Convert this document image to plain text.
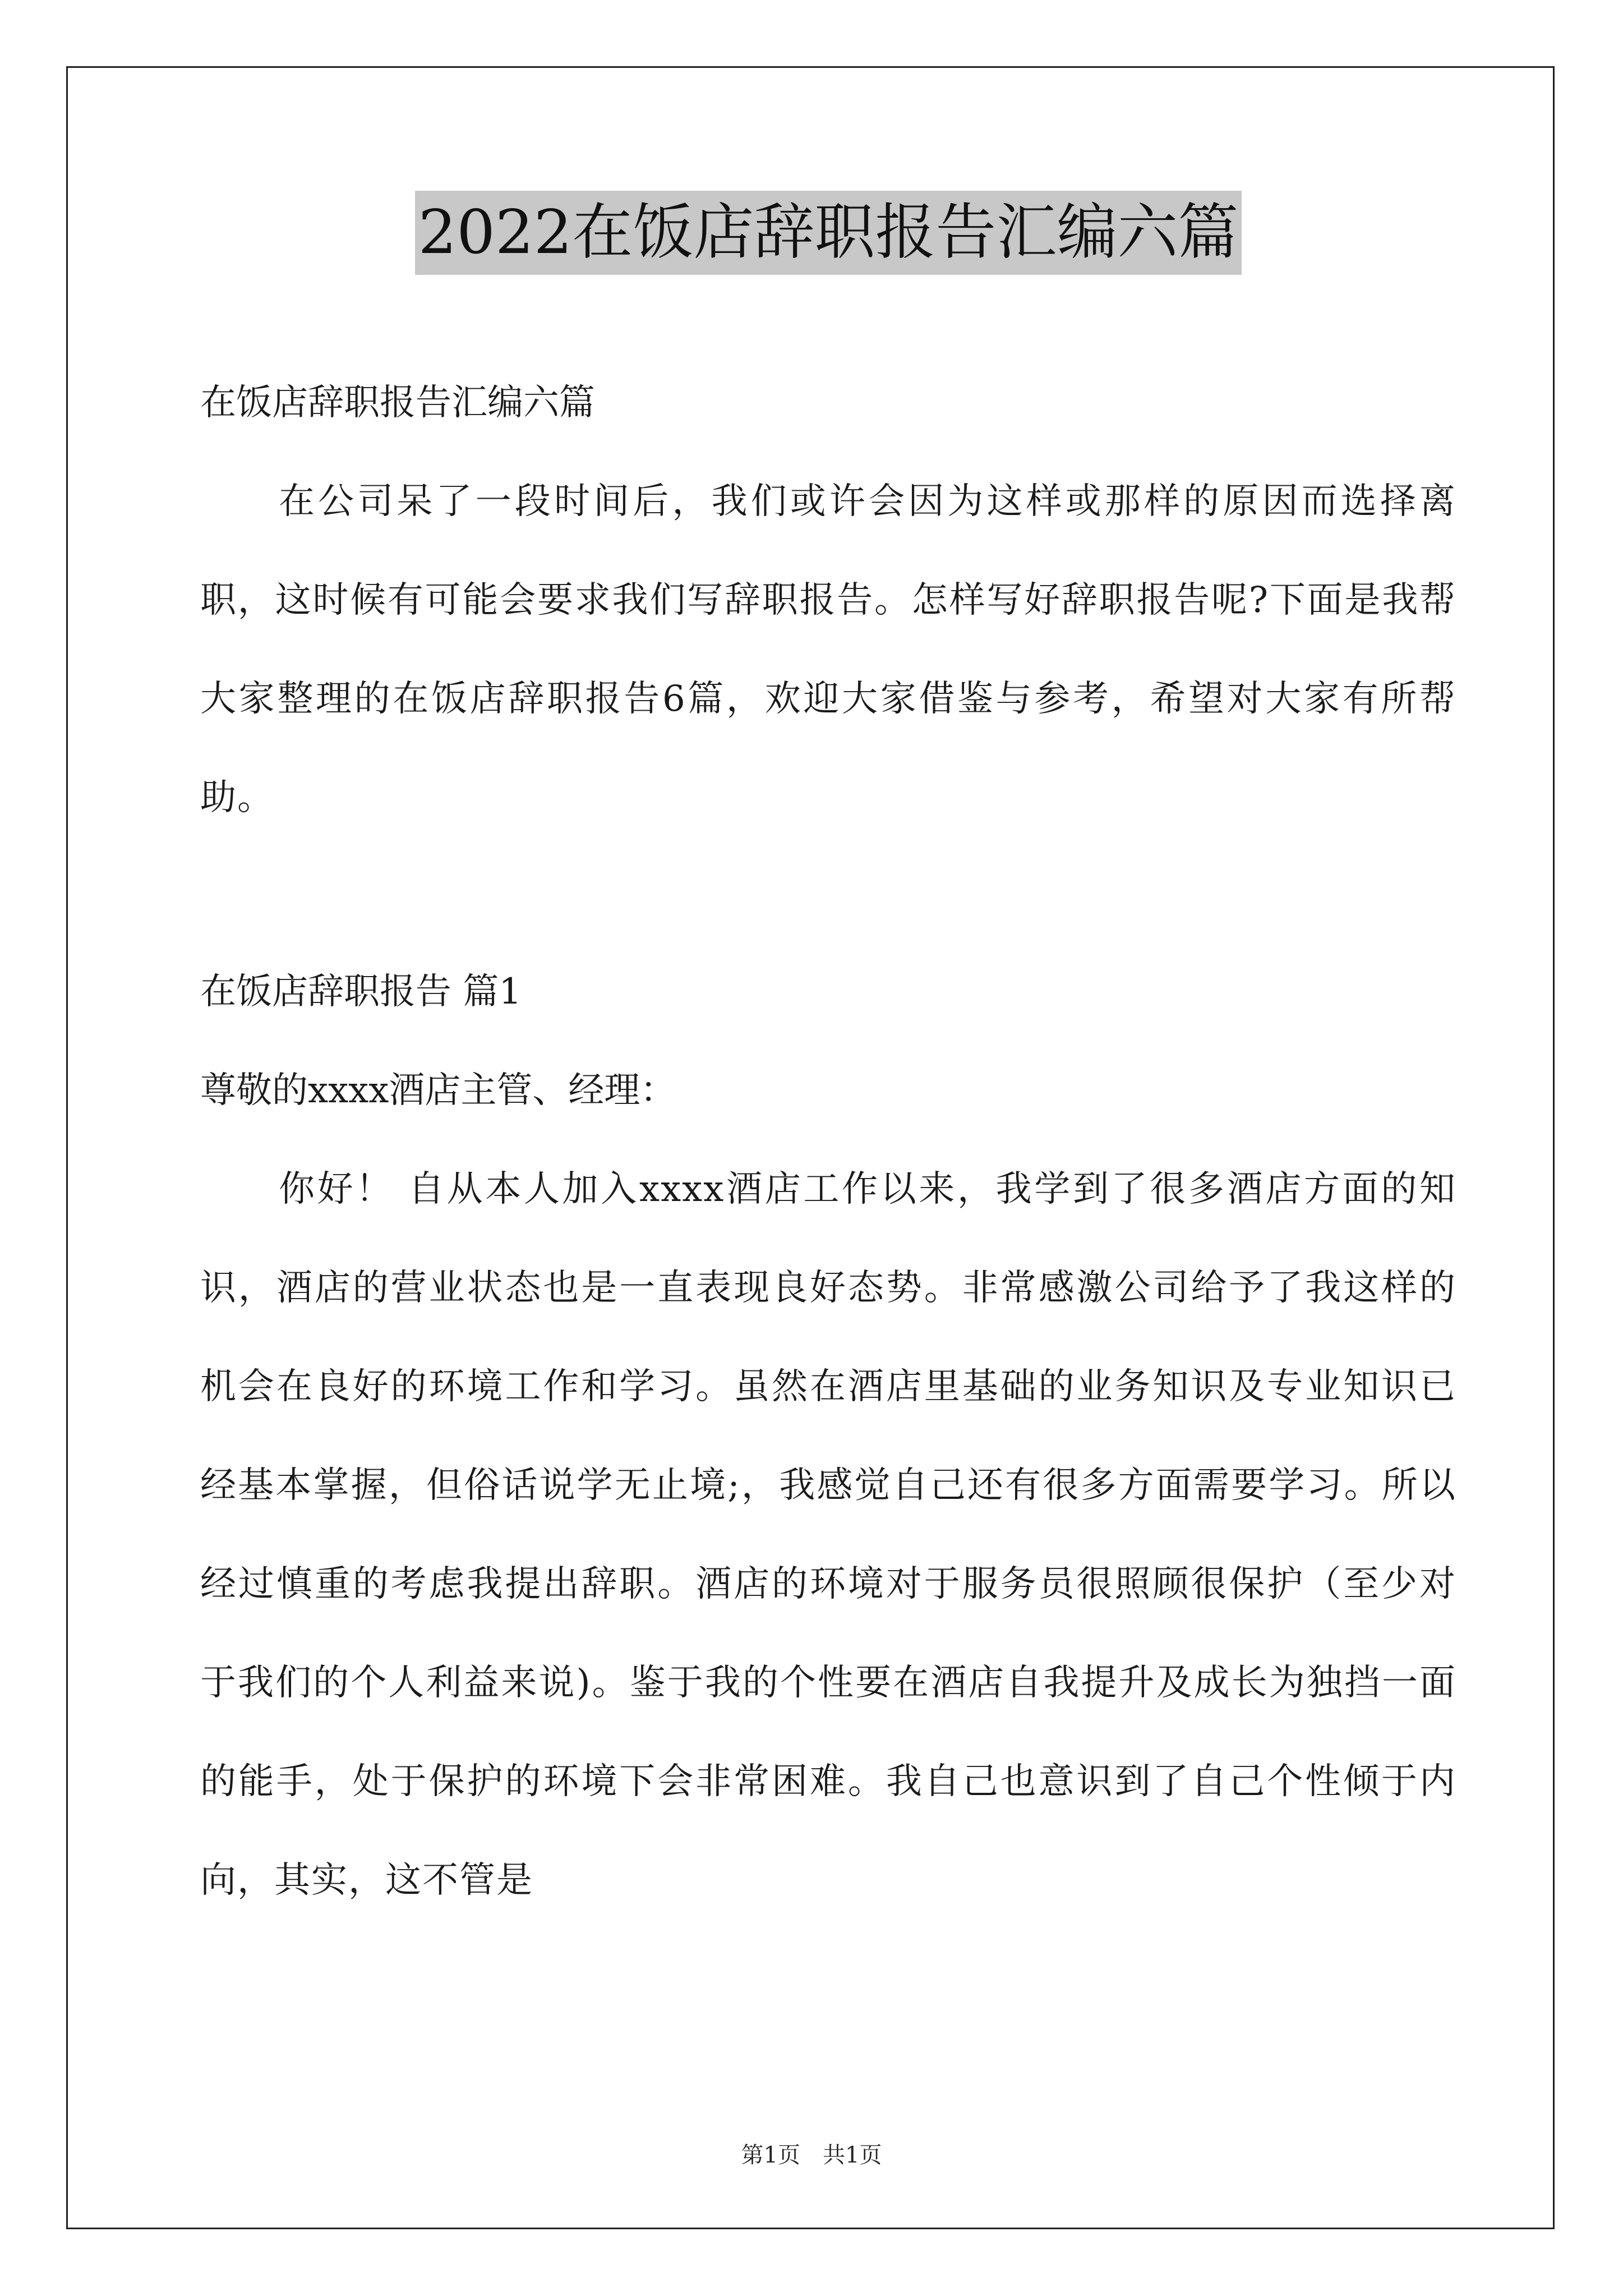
2022在饭店辞职报告汇编六篇

在饭店辞职报告汇编六篇

在公司呆了一段时间后，我们或许会因为这样或那样的原因而选择离职，这时候有可能会要求我们写辞职报告。怎样写好辞职报告呢?下面是我帮大家整理的在饭店辞职报告6篇，欢迎大家借鉴与参考，希望对大家有所帮助。

在饭店辞职报告 篇1

尊敬的xxxx酒店主管、经理：

你好！ 自从本人加入xxxx酒店工作以来，我学到了很多酒店方面的知识，酒店的营业状态也是一直表现良好态势。非常感激公司给予了我这样的机会在良好的环境工作和学习。虽然在酒店里基础的业务知识及专业知识已经基本掌握，但俗话说学无止境;，我感觉自己还有很多方面需要学习。所以经过慎重的考虑我提出辞职。酒店的环境对于服务员很照顾很保护（至少对于我们的个人利益来说)。鉴于我的个性要在酒店自我提升及成长为独挡一面的能手，处于保护的环境下会非常困难。我自己也意识到了自己个性倾于内向，其实，这不管是

第1页 共1页
